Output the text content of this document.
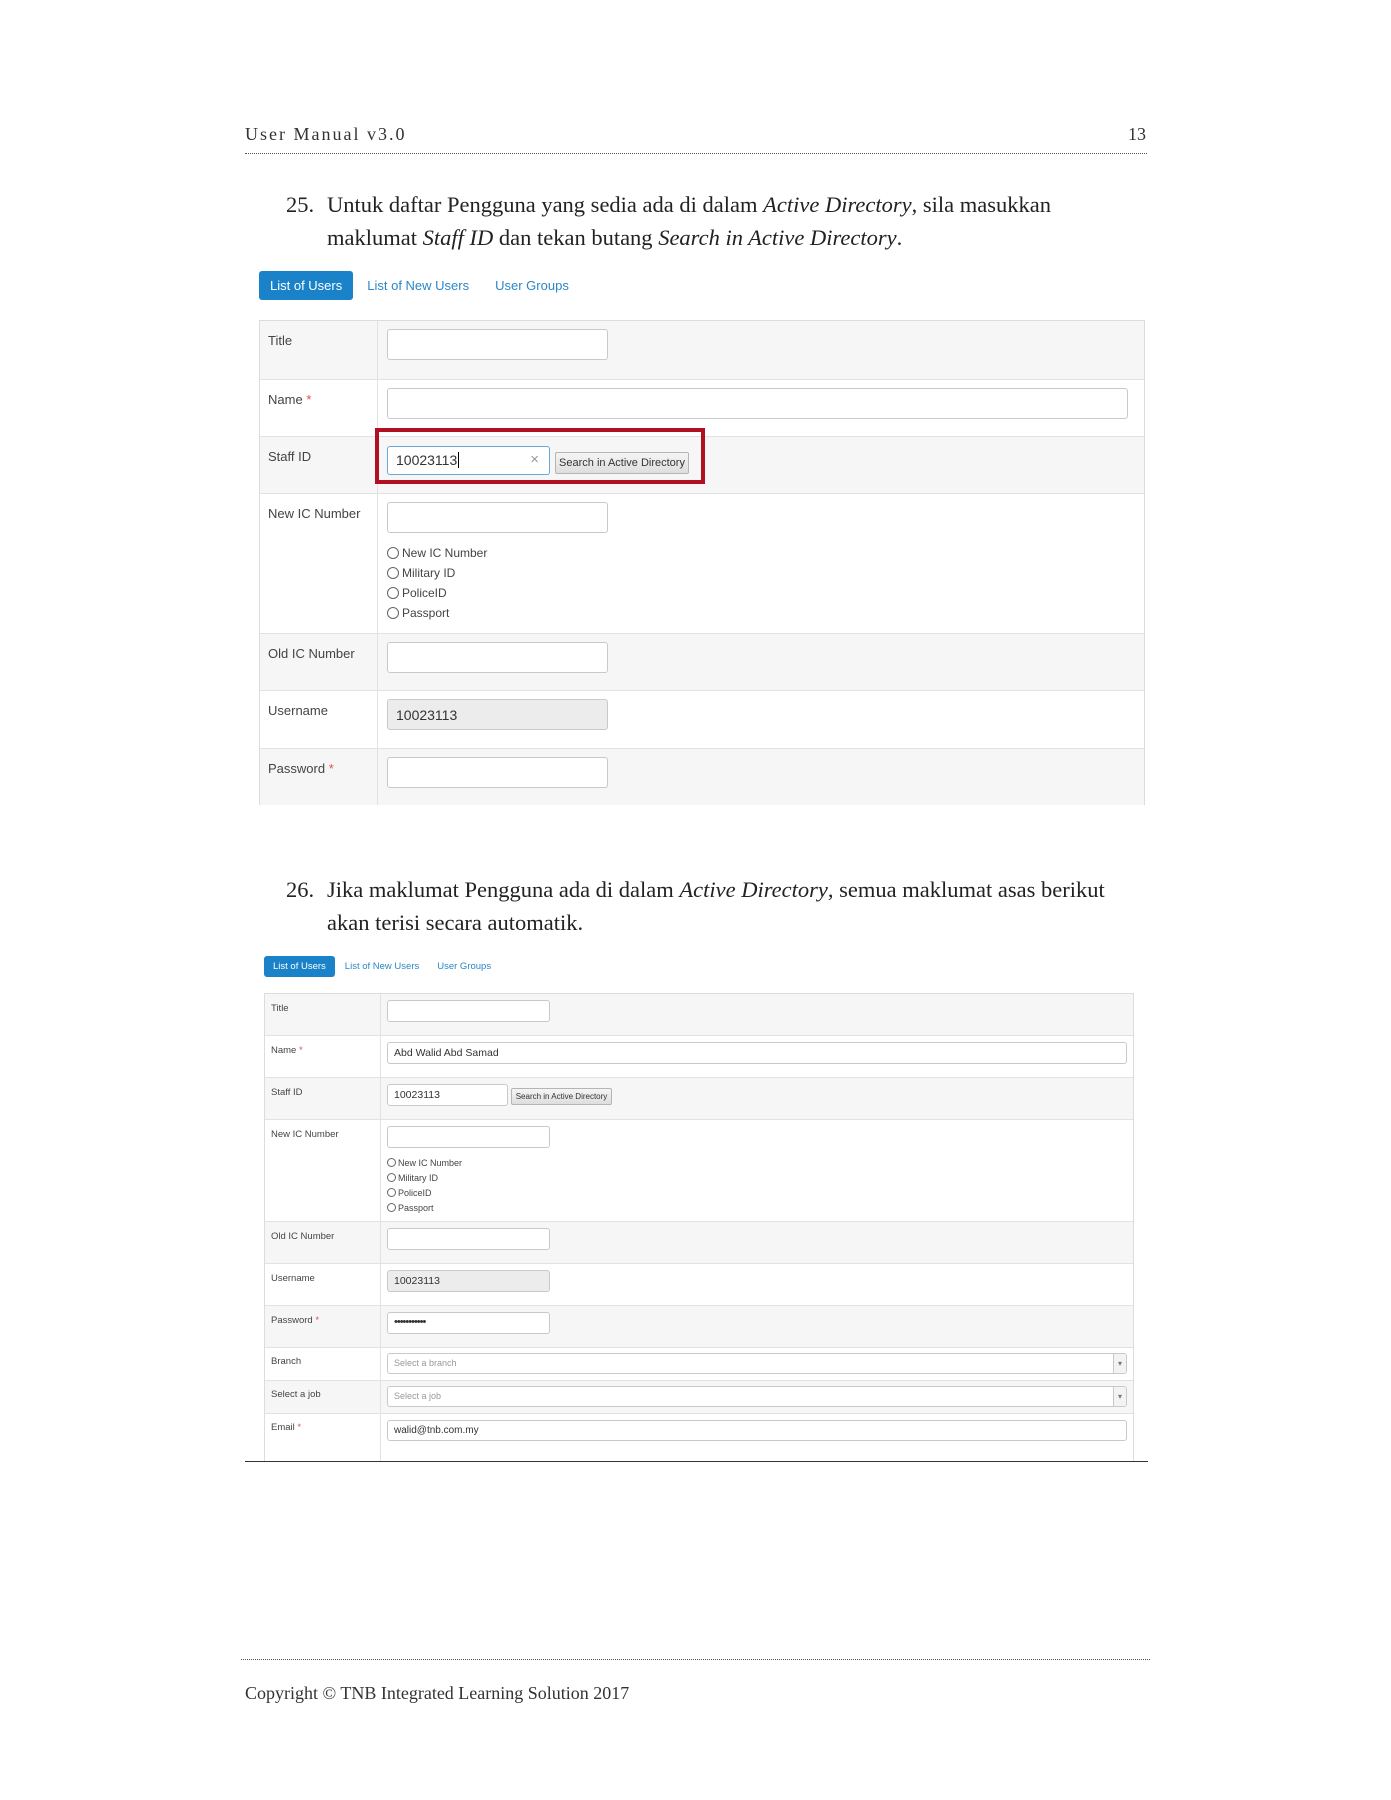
User Manual v3.0	13
25. Untuk daftar Pengguna yang sedia ada di dalam Active Directory, sila masukkan
maklumat Staff ID dan tekan butang Search in Active Directory.
List of Users	List of New Users	User Groups
Title
Name *
Staff ID	10023113	×	Search in Active Directory
New IC Number
New IC Number
Military ID
PoliceID
Passport
Old IC Number
Username	10023113
Password *
26. Jika maklumat Pengguna ada di dalam Active Directory, semua maklumat asas berikut
akan terisi secara automatik.
List of Users	List of New Users	User Groups
Title
Name *	Abd Walid Abd Samad
Staff ID	10023113	Search in Active Directory
New IC Number
New IC Number
Military ID
PoliceID
Passport
Old IC Number
Username	10023113
Password *	•••••••••••
Branch	Select a branch	▾
Select a job	Select a job	▾
Email *	walid@tnb.com.my
Copyright © TNB Integrated Learning Solution 2017
